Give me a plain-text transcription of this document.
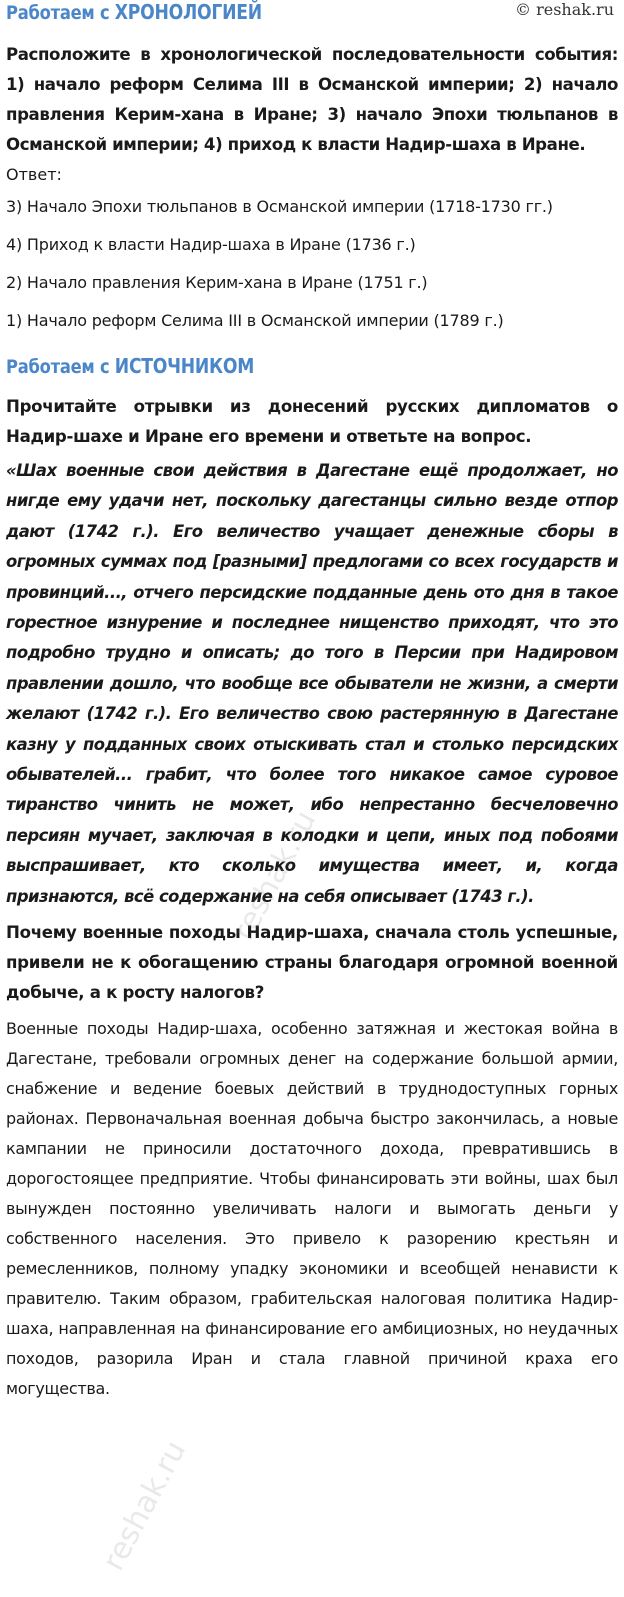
Работаем с ХРОНОЛОГИЕЙ	© reshak.ru

Расположите в хронологической последовательности события: 1) начало реформ Селима III в Османской империи; 2) начало правления Керим-хана в Иране; 3) начало Эпохи тюльпанов в Османской империи; 4) приход к власти Надир-шаха в Иране.

Ответ:
3) Начало Эпохи тюльпанов в Османской империи (1718-1730 гг.)
4) Приход к власти Надир-шаха в Иране (1736 г.)
2) Начало правления Керим-хана в Иране (1751 г.)
1) Начало реформ Селима III в Османской империи (1789 г.)
Работаем с ИСТОЧНИКОМ

Прочитайте отрывки из донесений русских дипломатов о Надир-шахе и Иране его времени и ответьте на вопрос.

«Шах военные свои действия в Дагестане ещё продолжает, но нигде ему удачи нет, поскольку дагестанцы сильно везде отпор дают (1742 г.). Его величество учащает денежные сборы в огромных суммах под [разными] предлогами со всех государств и провинций..., отчего персидские подданные день ото дня в такое горестное изнурение и последнее нищенство приходят, что это подробно трудно и описать; до того в Персии при Надировом правлении дошло, что вообще все обыватели не жизни, а смерти желают (1742 г.). Его величество свою растерянную в Дагестане казну у подданных своих отыскивать стал и столько персидских обывателей... грабит, что более того никакое самое суровое тиранство чинить не может, ибо непрестанно бесчеловечно персиян мучает, заключая в колодки и цепи, иных под побоями выспрашивает, кто сколько имущества имеет, и, когда признаются, всё содержание на себя описывает (1743 г.).

Почему военные походы Надир-шаха, сначала столь успешные, привели не к обогащению страны благодаря огромной военной добыче, а к росту налогов?

Военные походы Надир-шаха, особенно затяжная и жестокая война в Дагестане, требовали огромных денег на содержание большой армии, снабжение и ведение боевых действий в труднодоступных горных районах. Первоначальная военная добыча быстро закончилась, а новые кампании не приносили достаточного дохода, превратившись в дорогостоящее предприятие. Чтобы финансировать эти войны, шах был вынужден постоянно увеличивать налоги и вымогать деньги у собственного населения. Это привело к разорению крестьян и ремесленников, полному упадку экономики и всеобщей ненависти к правителю. Таким образом, грабительская налоговая политика Надир-шаха, направленная на финансирование его амбициозных, но неудачных походов, разорила Иран и стала главной причиной краха его могущества.

reshak.ru
reshak.ru
